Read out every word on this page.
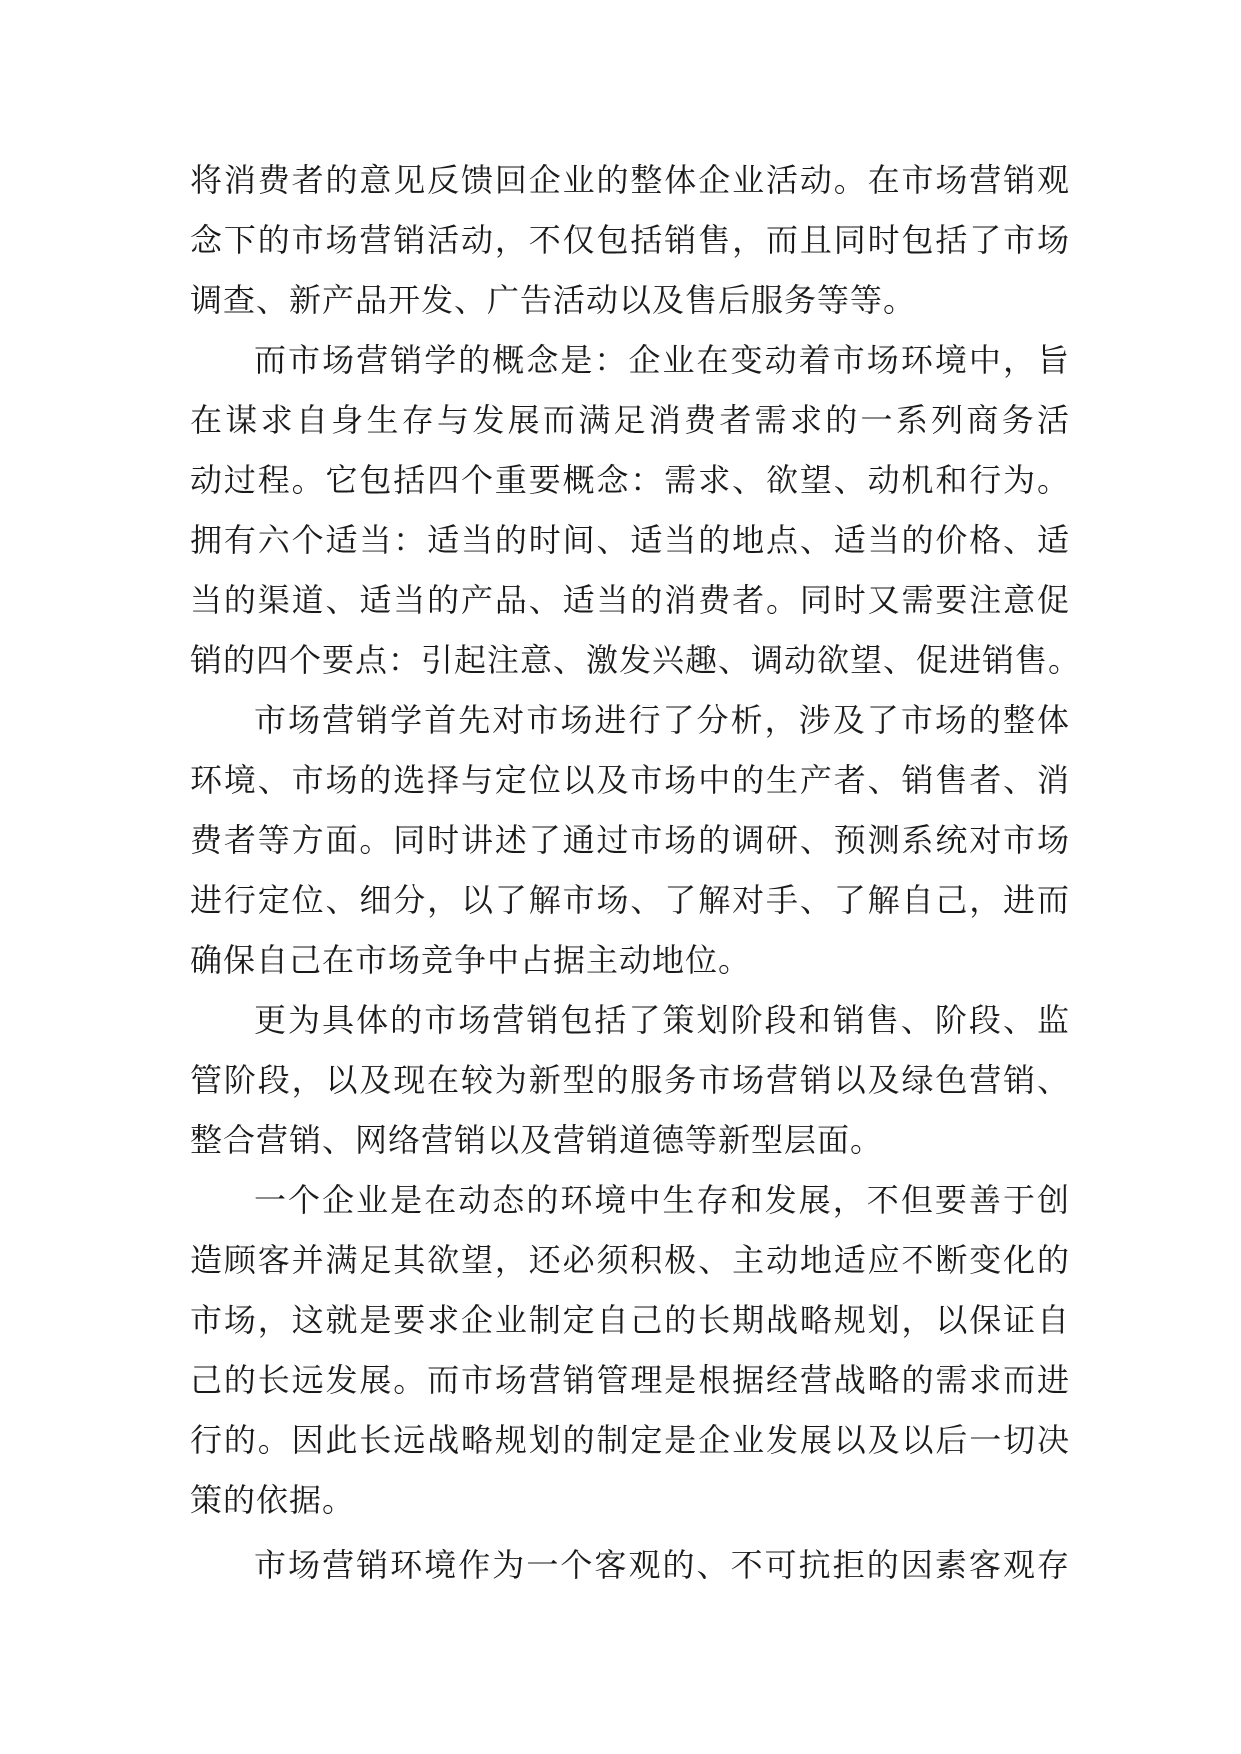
将消费者的意见反馈回企业的整体企业活动。在市场营销观
念下的市场营销活动，不仅包括销售，而且同时包括了市场
调查、新产品开发、广告活动以及售后服务等等。
而市场营销学的概念是：企业在变动着市场环境中，旨
在谋求自身生存与发展而满足消费者需求的一系列商务活
动过程。它包括四个重要概念：需求、欲望、动机和行为。
拥有六个适当：适当的时间、适当的地点、适当的价格、适
当的渠道、适当的产品、适当的消费者。同时又需要注意促
销的四个要点：引起注意、激发兴趣、调动欲望、促进销售。
市场营销学首先对市场进行了分析，涉及了市场的整体
环境、市场的选择与定位以及市场中的生产者、销售者、消
费者等方面。同时讲述了通过市场的调研、预测系统对市场
进行定位、细分，以了解市场、了解对手、了解自己，进而
确保自己在市场竞争中占据主动地位。
更为具体的市场营销包括了策划阶段和销售、阶段、监
管阶段，以及现在较为新型的服务市场营销以及绿色营销、
整合营销、网络营销以及营销道德等新型层面。
一个企业是在动态的环境中生存和发展，不但要善于创
造顾客并满足其欲望，还必须积极、主动地适应不断变化的
市场，这就是要求企业制定自己的长期战略规划，以保证自
己的长远发展。而市场营销管理是根据经营战略的需求而进
行的。因此长远战略规划的制定是企业发展以及以后一切决
策的依据。
市场营销环境作为一个客观的、不可抗拒的因素客观存
